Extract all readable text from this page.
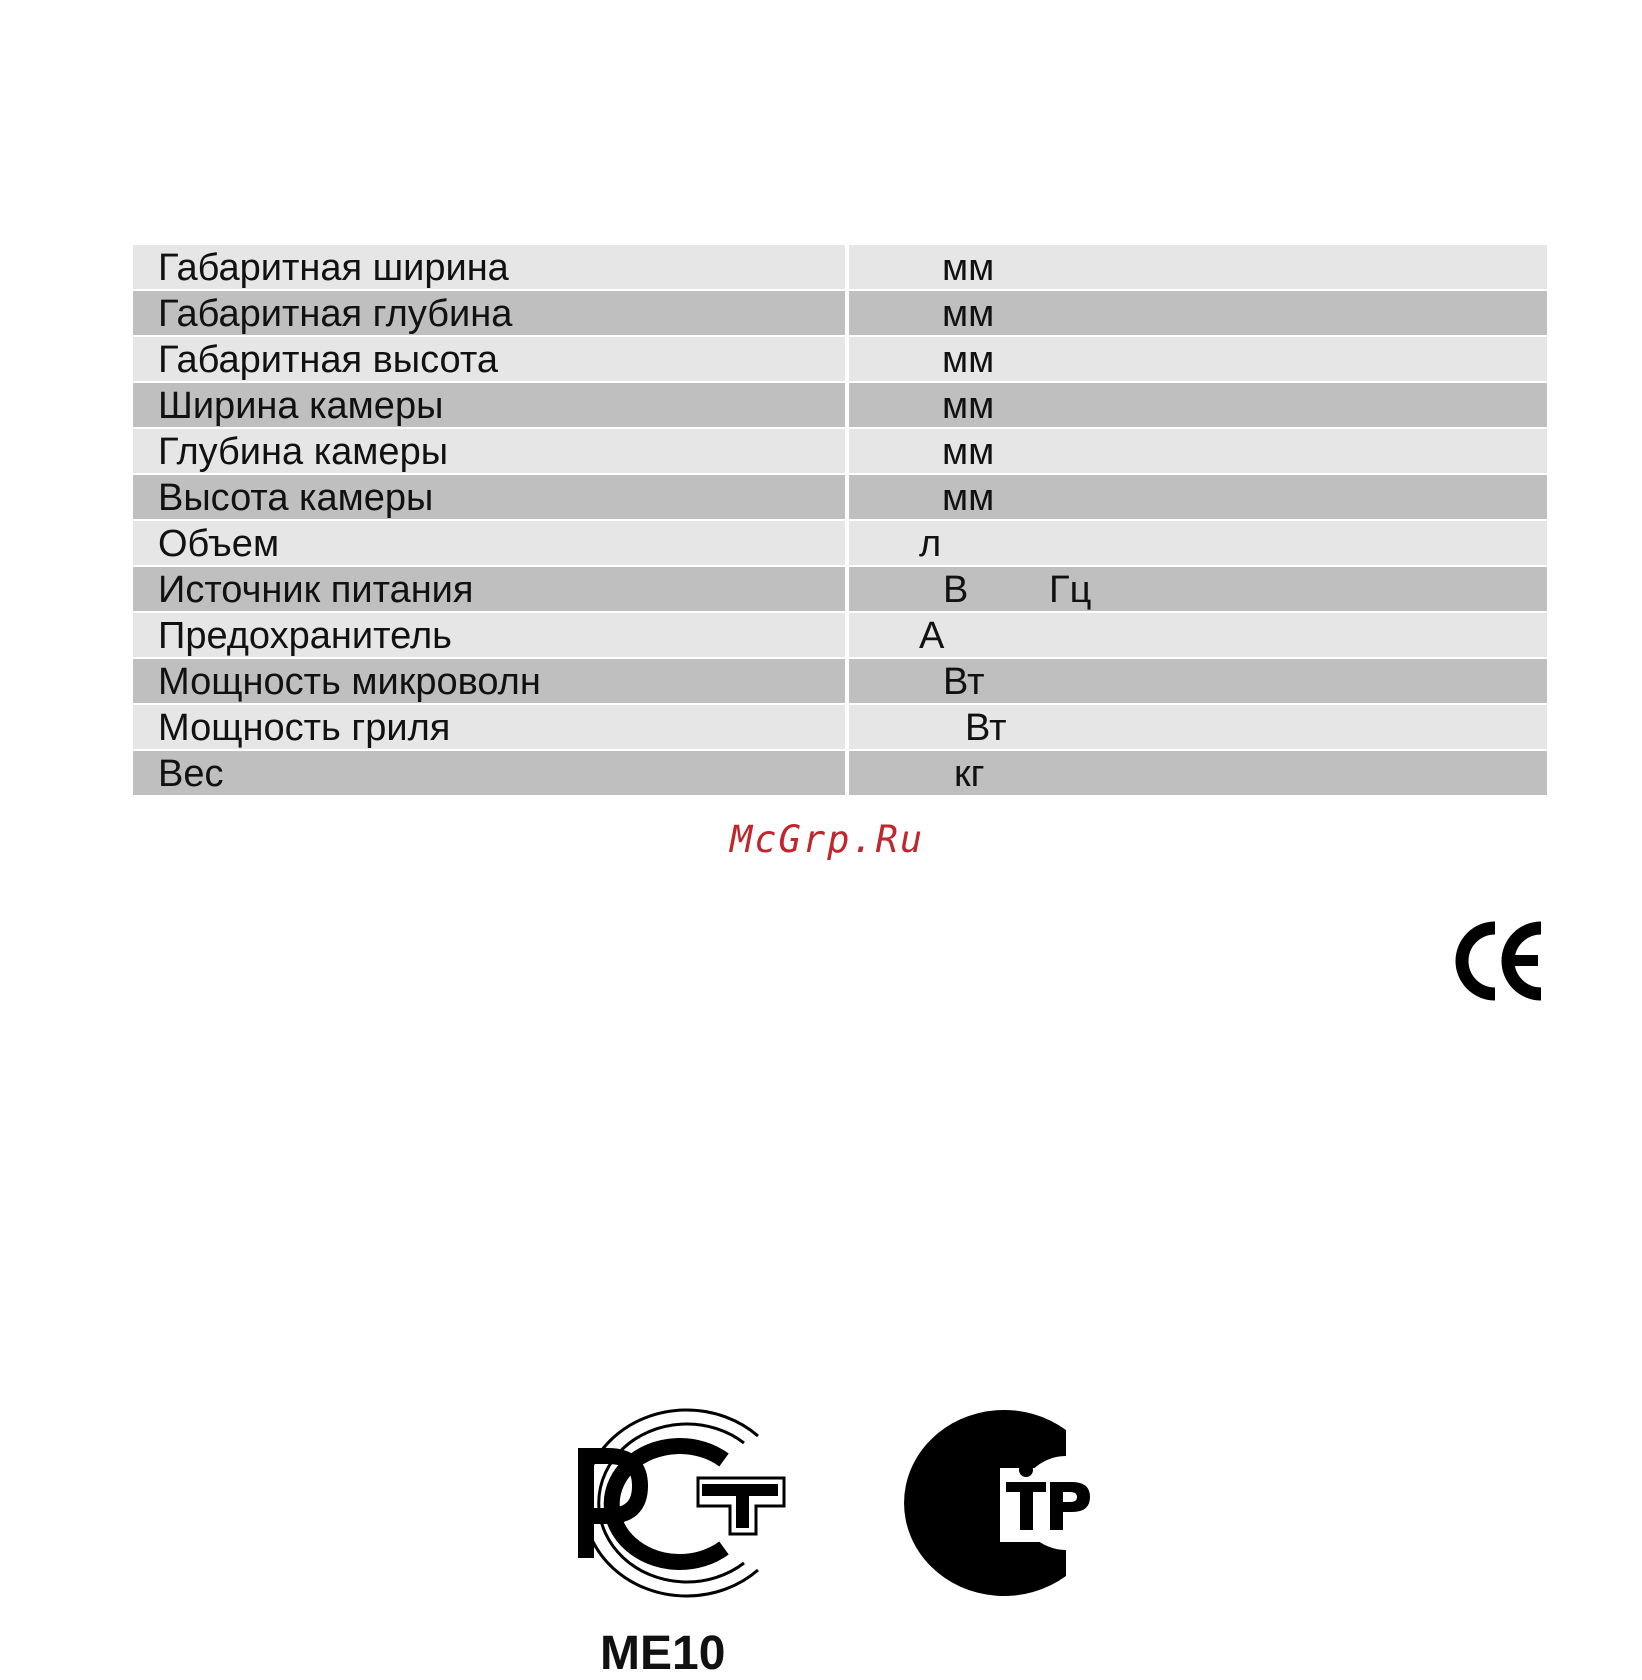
Габаритная ширина	мм
Габаритная глубина	мм
Габаритная высота	мм
Ширина камеры	мм
Глубина камеры	мм
Высота камеры	мм
Объем	л
Источник питания	В Гц
Предохранитель	А
Мощность микроволн	Вт
Мощность гриля	Вт
Вес	кг
McGrp.Ru
ME10
